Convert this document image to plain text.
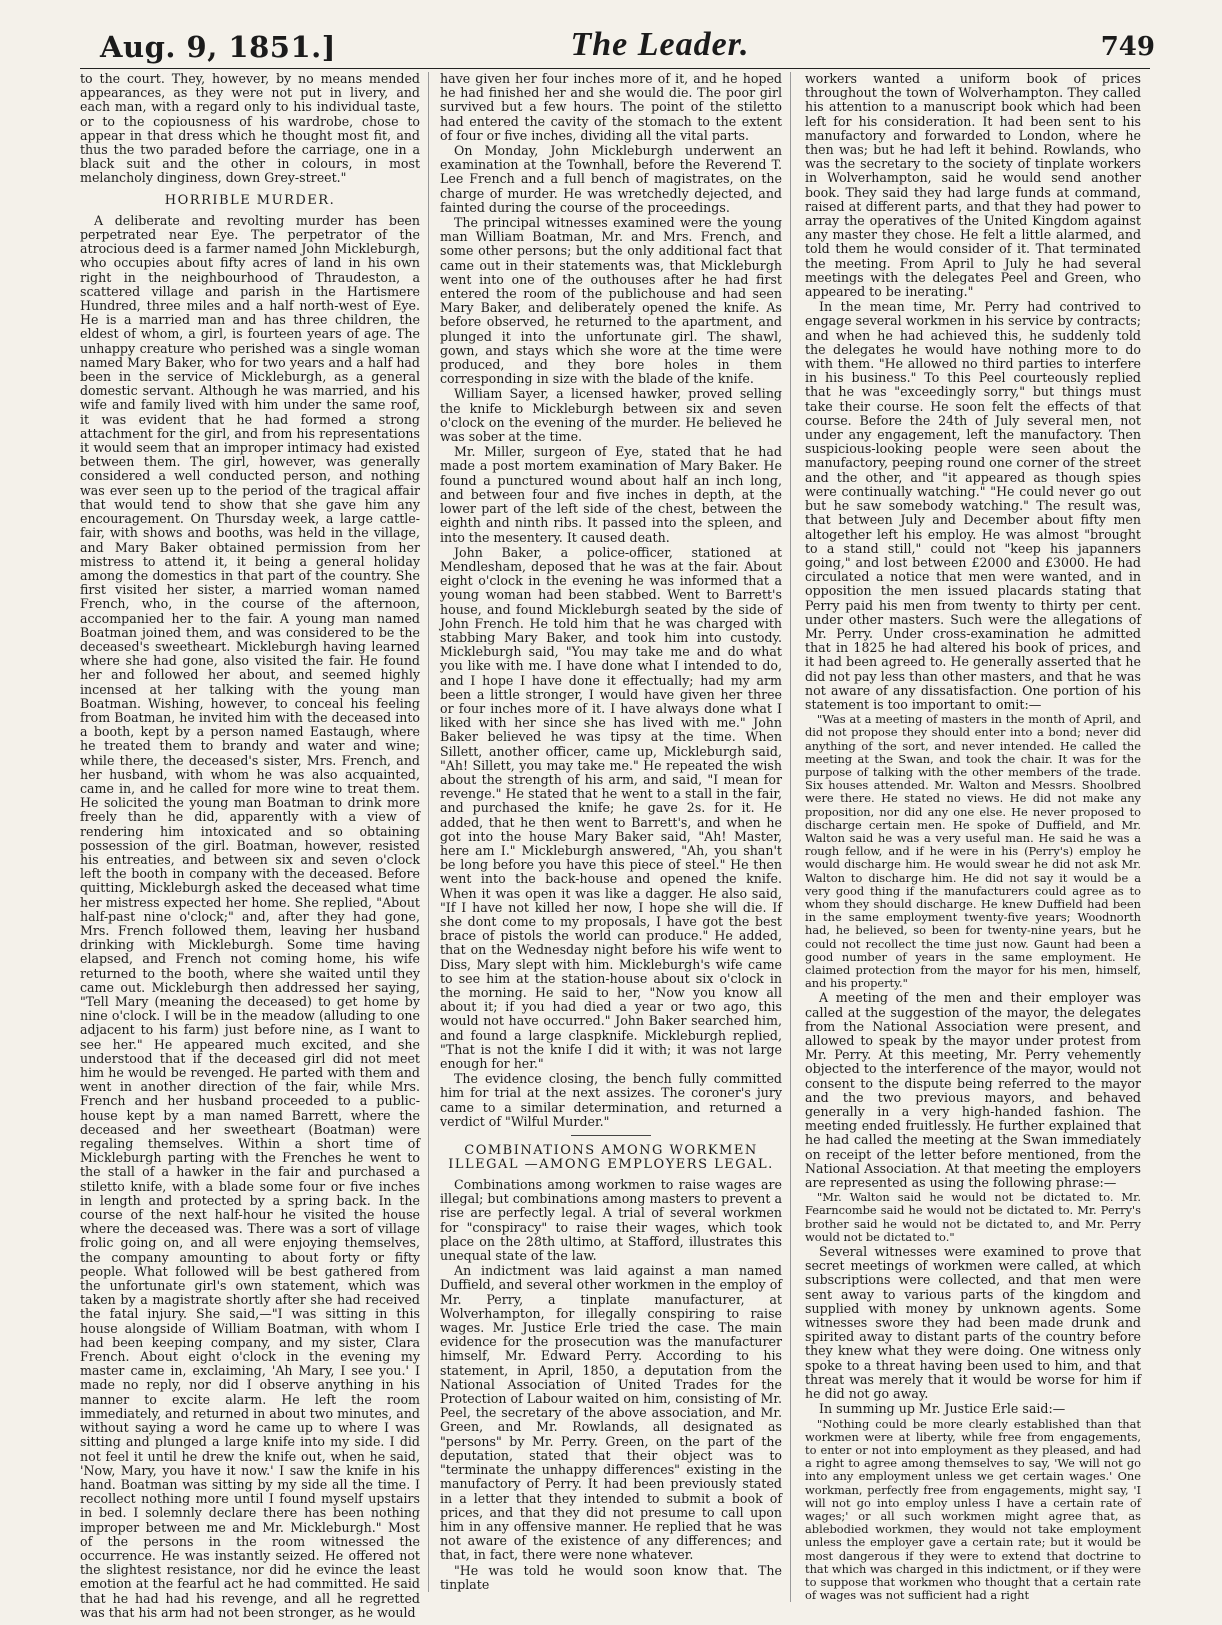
Aug. 9, 1851.]	The Leader.	749

to the court. They, however, by no means mended appearances, as they were not put in livery, and each man, with a regard only to his individual taste, or to the copiousness of his wardrobe, chose to appear in that dress which he thought most fit, and thus the two paraded before the carriage, one in a black suit and the other in colours, in most melancholy dinginess, down Grey-street."

HORRIBLE MURDER.

A deliberate and revolting murder has been perpetrated near Eye. The perpetrator of the atrocious deed is a farmer named John Mickleburgh, who occupies about fifty acres of land in his own right in the neighbourhood of Thraudeston, a scattered village and parish in the Hartismere Hundred, three miles and a half north-west of Eye. He is a married man and has three children, the eldest of whom, a girl, is fourteen years of age. The unhappy creature who perished was a single woman named Mary Baker, who for two years and a half had been in the service of Mickleburgh, as a general domestic servant. Although he was married, and his wife and family lived with him under the same roof, it was evident that he had formed a strong attachment for the girl, and from his representations it would seem that an improper intimacy had existed between them. The girl, however, was generally considered a well conducted person, and nothing was ever seen up to the period of the tragical affair that would tend to show that she gave him any encouragement. On Thursday week, a large cattle-fair, with shows and booths, was held in the village, and Mary Baker obtained permission from her mistress to attend it, it being a general holiday among the domestics in that part of the country. She first visited her sister, a married woman named French, who, in the course of the afternoon, accompanied her to the fair. A young man named Boatman joined them, and was considered to be the deceased's sweetheart. Mickleburgh having learned where she had gone, also visited the fair. He found her and followed her about, and seemed highly incensed at her talking with the young man Boatman. Wishing, however, to conceal his feeling from Boatman, he invited him with the deceased into a booth, kept by a person named Eastaugh, where he treated them to brandy and water and wine; while there, the deceased's sister, Mrs. French, and her husband, with whom he was also acquainted, came in, and he called for more wine to treat them. He solicited the young man Boatman to drink more freely than he did, apparently with a view of rendering him intoxicated and so obtaining possession of the girl. Boatman, however, resisted his entreaties, and between six and seven o'clock left the booth in company with the deceased. Before quitting, Mickleburgh asked the deceased what time her mistress expected her home. She replied, "About half-past nine o'clock;" and, after they had gone, Mrs. French followed them, leaving her husband drinking with Mickleburgh. Some time having elapsed, and French not coming home, his wife returned to the booth, where she waited until they came out. Mickleburgh then addressed her saying, "Tell Mary (meaning the deceased) to get home by nine o'clock. I will be in the meadow (alluding to one adjacent to his farm) just before nine, as I want to see her." He appeared much excited, and she understood that if the deceased girl did not meet him he would be revenged. He parted with them and went in another direction of the fair, while Mrs. French and her husband proceeded to a public-house kept by a man named Barrett, where the deceased and her sweetheart (Boatman) were regaling themselves. Within a short time of Mickleburgh parting with the Frenches he went to the stall of a hawker in the fair and purchased a stiletto knife, with a blade some four or five inches in length and protected by a spring back. In the course of the next half-hour he visited the house where the deceased was. There was a sort of village frolic going on, and all were enjoying themselves, the company amounting to about forty or fifty people. What followed will be best gathered from the unfortunate girl's own statement, which was taken by a magistrate shortly after she had received the fatal injury. She said,—"I was sitting in this house alongside of William Boatman, with whom I had been keeping company, and my sister, Clara French. About eight o'clock in the evening my master came in, exclaiming, 'Ah Mary, I see you.' I made no reply, nor did I observe anything in his manner to excite alarm. He left the room immediately, and returned in about two minutes, and without saying a word he came up to where I was sitting and plunged a large knife into my side. I did not feel it until he drew the knife out, when he said, 'Now, Mary, you have it now.' I saw the knife in his hand. Boatman was sitting by my side all the time. I recollect nothing more until I found myself upstairs in bed. I solemnly declare there has been nothing improper between me and Mr. Mickleburgh." Most of the persons in the room witnessed the occurrence. He was instantly seized. He offered not the slightest resistance, nor did he evince the least emotion at the fearful act he had committed. He said that he had had his revenge, and all he regretted was that his arm had not been stronger, as he would

have given her four inches more of it, and he hoped he had finished her and she would die. The poor girl survived but a few hours. The point of the stiletto had entered the cavity of the stomach to the extent of four or five inches, dividing all the vital parts.

On Monday, John Mickleburgh underwent an examination at the Townhall, before the Reverend T. Lee French and a full bench of magistrates, on the charge of murder. He was wretchedly dejected, and fainted during the course of the proceedings.

The principal witnesses examined were the young man William Boatman, Mr. and Mrs. French, and some other persons; but the only additional fact that came out in their statements was, that Mickleburgh went into one of the outhouses after he had first entered the room of the publichouse and had seen Mary Baker, and deliberately opened the knife. As before observed, he returned to the apartment, and plunged it into the unfortunate girl. The shawl, gown, and stays which she wore at the time were produced, and they bore holes in them corresponding in size with the blade of the knife.

William Sayer, a licensed hawker, proved selling the knife to Mickleburgh between six and seven o'clock on the evening of the murder. He believed he was sober at the time.

Mr. Miller, surgeon of Eye, stated that he had made a post mortem examination of Mary Baker. He found a punctured wound about half an inch long, and between four and five inches in depth, at the lower part of the left side of the chest, between the eighth and ninth ribs. It passed into the spleen, and into the mesentery. It caused death.

John Baker, a police-officer, stationed at Mendlesham, deposed that he was at the fair. About eight o'clock in the evening he was informed that a young woman had been stabbed. Went to Barrett's house, and found Mickleburgh seated by the side of John French. He told him that he was charged with stabbing Mary Baker, and took him into custody. Mickleburgh said, "You may take me and do what you like with me. I have done what I intended to do, and I hope I have done it effectually; had my arm been a little stronger, I would have given her three or four inches more of it. I have always done what I liked with her since she has lived with me." John Baker believed he was tipsy at the time. When Sillett, another officer, came up, Mickleburgh said, "Ah! Sillett, you may take me." He repeated the wish about the strength of his arm, and said, "I mean for revenge." He stated that he went to a stall in the fair, and purchased the knife; he gave 2s. for it. He added, that he then went to Barrett's, and when he got into the house Mary Baker said, "Ah! Master, here am I." Mickleburgh answered, "Ah, you shan't be long before you have this piece of steel." He then went into the back-house and opened the knife. When it was open it was like a dagger. He also said, "If I have not killed her now, I hope she will die. If she dont come to my proposals, I have got the best brace of pistols the world can produce." He added, that on the Wednesday night before his wife went to Diss, Mary slept with him. Mickleburgh's wife came to see him at the station-house about six o'clock in the morning. He said to her, "Now you know all about it; if you had died a year or two ago, this would not have occurred." John Baker searched him, and found a large claspknife. Mickleburgh replied, "That is not the knife I did it with; it was not large enough for her."

The evidence closing, the bench fully committed him for trial at the next assizes. The coroner's jury came to a similar determination, and returned a verdict of "Wilful Murder."

COMBINATIONS AMONG WORKMEN ILLEGAL —AMONG EMPLOYERS LEGAL.

Combinations among workmen to raise wages are illegal; but combinations among masters to prevent a rise are perfectly legal. A trial of several workmen for "conspiracy" to raise their wages, which took place on the 28th ultimo, at Stafford, illustrates this unequal state of the law.

An indictment was laid against a man named Duffield, and several other workmen in the employ of Mr. Perry, a tinplate manufacturer, at Wolverhampton, for illegally conspiring to raise wages. Mr. Justice Erle tried the case. The main evidence for the prosecution was the manufacturer himself, Mr. Edward Perry. According to his statement, in April, 1850, a deputation from the National Association of United Trades for the Protection of Labour waited on him, consisting of Mr. Peel, the secretary of the above association, and Mr. Green, and Mr. Rowlands, all designated as "persons" by Mr. Perry. Green, on the part of the deputation, stated that their object was to "terminate the unhappy differences" existing in the manufactory of Perry. It had been previously stated in a letter that they intended to submit a book of prices, and that they did not presume to call upon him in any offensive manner. He replied that he was not aware of the existence of any differences; and that, in fact, there were none whatever.

"He was told he would soon know that. The tinplate

workers wanted a uniform book of prices throughout the town of Wolverhampton. They called his attention to a manuscript book which had been left for his consideration. It had been sent to his manufactory and forwarded to London, where he then was; but he had left it behind. Rowlands, who was the secretary to the society of tinplate workers in Wolverhampton, said he would send another book. They said they had large funds at command, raised at different parts, and that they had power to array the operatives of the United Kingdom against any master they chose. He felt a little alarmed, and told them he would consider of it. That terminated the meeting. From April to July he had several meetings with the delegates Peel and Green, who appeared to be inerating."

In the mean time, Mr. Perry had contrived to engage several workmen in his service by contracts; and when he had achieved this, he suddenly told the delegates he would have nothing more to do with them. "He allowed no third parties to interfere in his business." To this Peel courteously replied that he was "exceedingly sorry," but things must take their course. He soon felt the effects of that course. Before the 24th of July several men, not under any engagement, left the manufactory. Then suspicious-looking people were seen about the manufactory, peeping round one corner of the street and the other, and "it appeared as though spies were continually watching." "He could never go out but he saw somebody watching." The result was, that between July and December about fifty men altogether left his employ. He was almost "brought to a stand still," could not "keep his japanners going," and lost between £2000 and £3000. He had circulated a notice that men were wanted, and in opposition the men issued placards stating that Perry paid his men from twenty to thirty per cent. under other masters. Such were the allegations of Mr. Perry. Under cross-examination he admitted that in 1825 he had altered his book of prices, and it had been agreed to. He generally asserted that he did not pay less than other masters, and that he was not aware of any dissatisfaction. One portion of his statement is too important to omit:—

"Was at a meeting of masters in the month of April, and did not propose they should enter into a bond; never did anything of the sort, and never intended. He called the meeting at the Swan, and took the chair. It was for the purpose of talking with the other members of the trade. Six houses attended. Mr. Walton and Messrs. Shoolbred were there. He stated no views. He did not make any proposition, nor did any one else. He never proposed to discharge certain men. He spoke of Duffield, and Mr. Walton said he was a very useful man. He said he was a rough fellow, and if he were in his (Perry's) employ he would discharge him. He would swear he did not ask Mr. Walton to discharge him. He did not say it would be a very good thing if the manufacturers could agree as to whom they should discharge. He knew Duffield had been in the same employment twenty-five years; Woodnorth had, he believed, so been for twenty-nine years, but he could not recollect the time just now. Gaunt had been a good number of years in the same employment. He claimed protection from the mayor for his men, himself, and his property."

A meeting of the men and their employer was called at the suggestion of the mayor, the delegates from the National Association were present, and allowed to speak by the mayor under protest from Mr. Perry. At this meeting, Mr. Perry vehemently objected to the interference of the mayor, would not consent to the dispute being referred to the mayor and the two previous mayors, and behaved generally in a very high-handed fashion. The meeting ended fruitlessly. He further explained that he had called the meeting at the Swan immediately on receipt of the letter before mentioned, from the National Association. At that meeting the employers are represented as using the following phrase:—

"Mr. Walton said he would not be dictated to. Mr. Fearncombe said he would not be dictated to. Mr. Perry's brother said he would not be dictated to, and Mr. Perry would not be dictated to."

Several witnesses were examined to prove that secret meetings of workmen were called, at which subscriptions were collected, and that men were sent away to various parts of the kingdom and supplied with money by unknown agents. Some witnesses swore they had been made drunk and spirited away to distant parts of the country before they knew what they were doing. One witness only spoke to a threat having been used to him, and that threat was merely that it would be worse for him if he did not go away.

In summing up Mr. Justice Erle said:—

"Nothing could be more clearly established than that workmen were at liberty, while free from engagements, to enter or not into employment as they pleased, and had a right to agree among themselves to say, 'We will not go into any employment unless we get certain wages.' One workman, perfectly free from engagements, might say, 'I will not go into employ unless I have a certain rate of wages;' or all such workmen might agree that, as ablebodied workmen, they would not take employment unless the employer gave a certain rate; but it would be most dangerous if they were to extend that doctrine to that which was charged in this indictment, or if they were to suppose that workmen who thought that a certain rate of wages was not sufficient had a right
